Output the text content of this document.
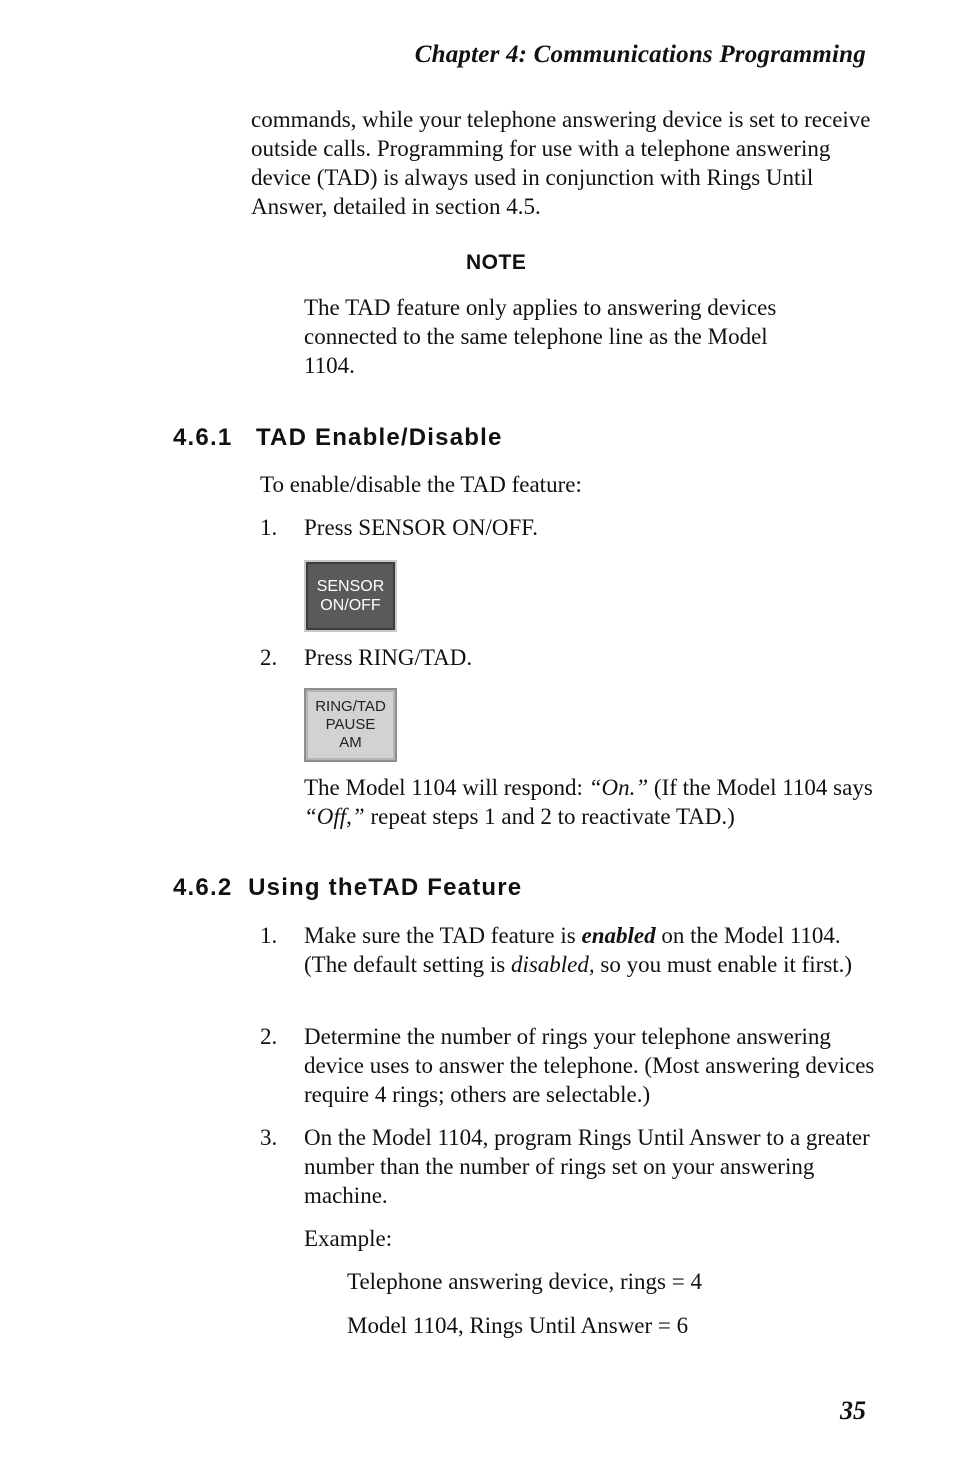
Chapter 4: Communications Programming
commands, while your telephone answering device is set to receive outside calls. Programming for use with a telephone answering device (TAD) is always used in conjunction with Rings Until Answer, detailed in section 4.5.
NOTE
The TAD feature only applies to answering devices connected to the same telephone line as the Model 1104.
4.6.1   TAD Enable/Disable
To enable/disable the TAD feature:
1.	Press SENSOR ON/OFF.
SENSOR
ON/OFF
2.	Press RING/TAD.
RING/TAD
PAUSE
AM
The Model 1104 will respond: “On.” (If the Model 1104 says “Off,” repeat steps 1 and 2 to reactivate TAD.)
4.6.2  Using theTAD Feature
1.	Make sure the TAD feature is enabled on the Model 1104. (The default setting is disabled, so you must enable it first.)
2.	Determine the number of rings your telephone answering device uses to answer the telephone. (Most answering devices require 4 rings; others are selectable.)
3.	On the Model 1104, program Rings Until Answer to a greater number than the number of rings set on your answering machine.
Example:
Telephone answering device, rings = 4
Model 1104, Rings Until Answer = 6
35
